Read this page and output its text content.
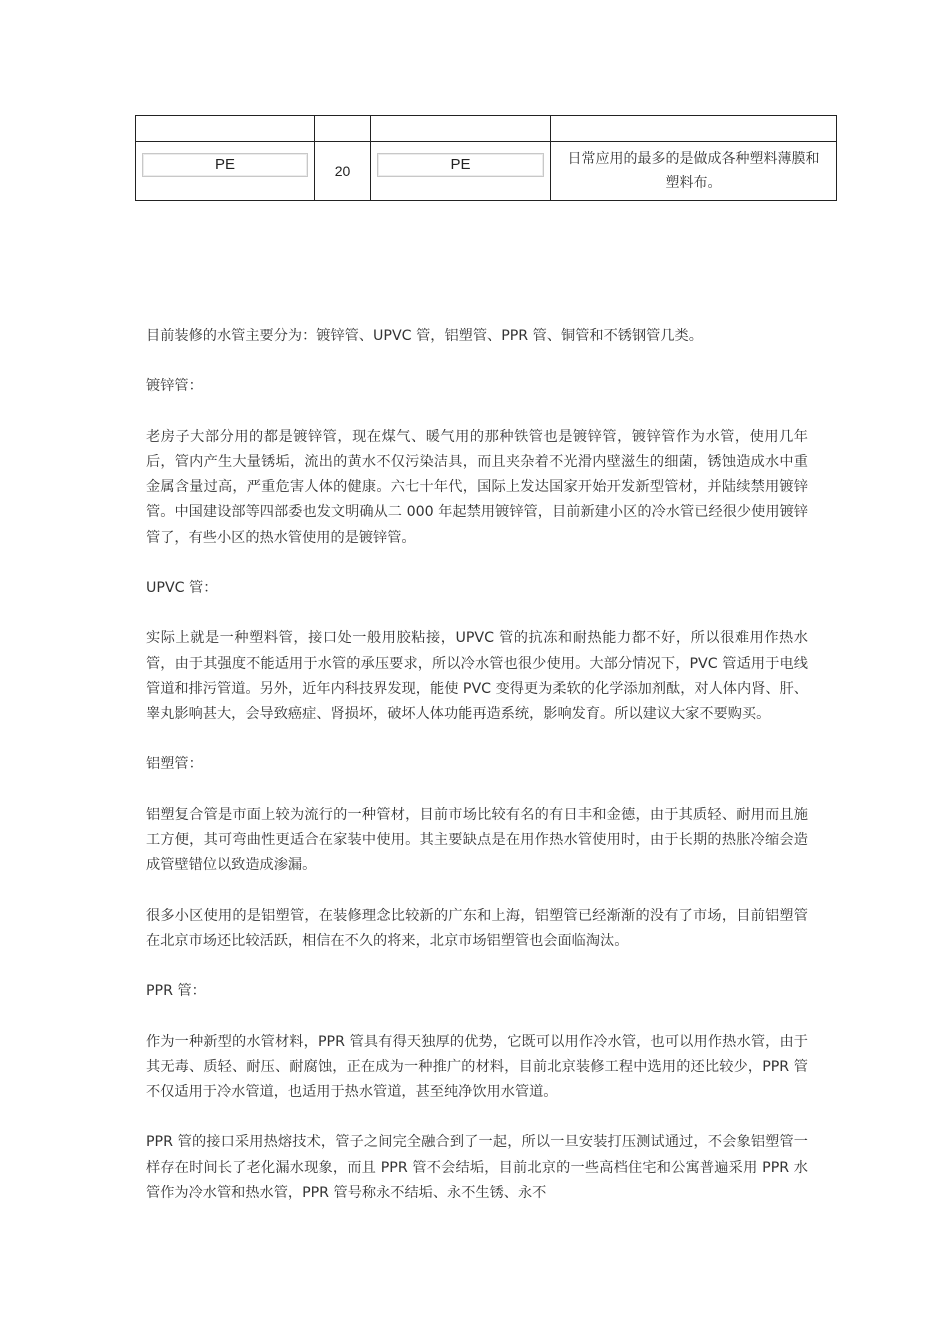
PE	20	PE	日常应用的最多的是做成各种塑料薄膜和塑料布。

目前装修的水管主要分为：镀锌管、UPVC 管，铝塑管、PPR 管、铜管和不锈钢管几类。

镀锌管：

老房子大部分用的都是镀锌管，现在煤气、暖气用的那种铁管也是镀锌管，镀锌管作为水管，使用几年后，管内产生大量锈垢，流出的黄水不仅污染洁具，而且夹杂着不光滑内壁滋生的细菌，锈蚀造成水中重金属含量过高，严重危害人体的健康。六七十年代，国际上发达国家开始开发新型管材，并陆续禁用镀锌管。中国建设部等四部委也发文明确从二 000 年起禁用镀锌管，目前新建小区的冷水管已经很少使用镀锌管了，有些小区的热水管使用的是镀锌管。

UPVC 管：

实际上就是一种塑料管，接口处一般用胶粘接，UPVC 管的抗冻和耐热能力都不好，所以很难用作热水管，由于其强度不能适用于水管的承压要求，所以冷水管也很少使用。大部分情况下，PVC 管适用于电线管道和排污管道。另外，近年内科技界发现，能使 PVC 变得更为柔软的化学添加剂酞，对人体内肾、肝、睾丸影响甚大，会导致癌症、肾损坏，破坏人体功能再造系统，影响发育。所以建议大家不要购买。

铝塑管：

铝塑复合管是市面上较为流行的一种管材，目前市场比较有名的有日丰和金德，由于其质轻、耐用而且施工方便，其可弯曲性更适合在家装中使用。其主要缺点是在用作热水管使用时，由于长期的热胀冷缩会造成管壁错位以致造成渗漏。

很多小区使用的是铝塑管，在装修理念比较新的广东和上海，铝塑管已经渐渐的没有了市场，目前铝塑管在北京市场还比较活跃，相信在不久的将来，北京市场铝塑管也会面临淘汰。

PPR 管：

作为一种新型的水管材料，PPR 管具有得天独厚的优势，它既可以用作冷水管，也可以用作热水管，由于其无毒、质轻、耐压、耐腐蚀，正在成为一种推广的材料，目前北京装修工程中选用的还比较少，PPR 管不仅适用于冷水管道，也适用于热水管道，甚至纯净饮用水管道。

PPR 管的接口采用热熔技术，管子之间完全融合到了一起，所以一旦安装打压测试通过，不会象铝塑管一样存在时间长了老化漏水现象，而且 PPR 管不会结垢，目前北京的一些高档住宅和公寓普遍采用 PPR 水管作为冷水管和热水管，PPR 管号称永不结垢、永不生锈、永不
